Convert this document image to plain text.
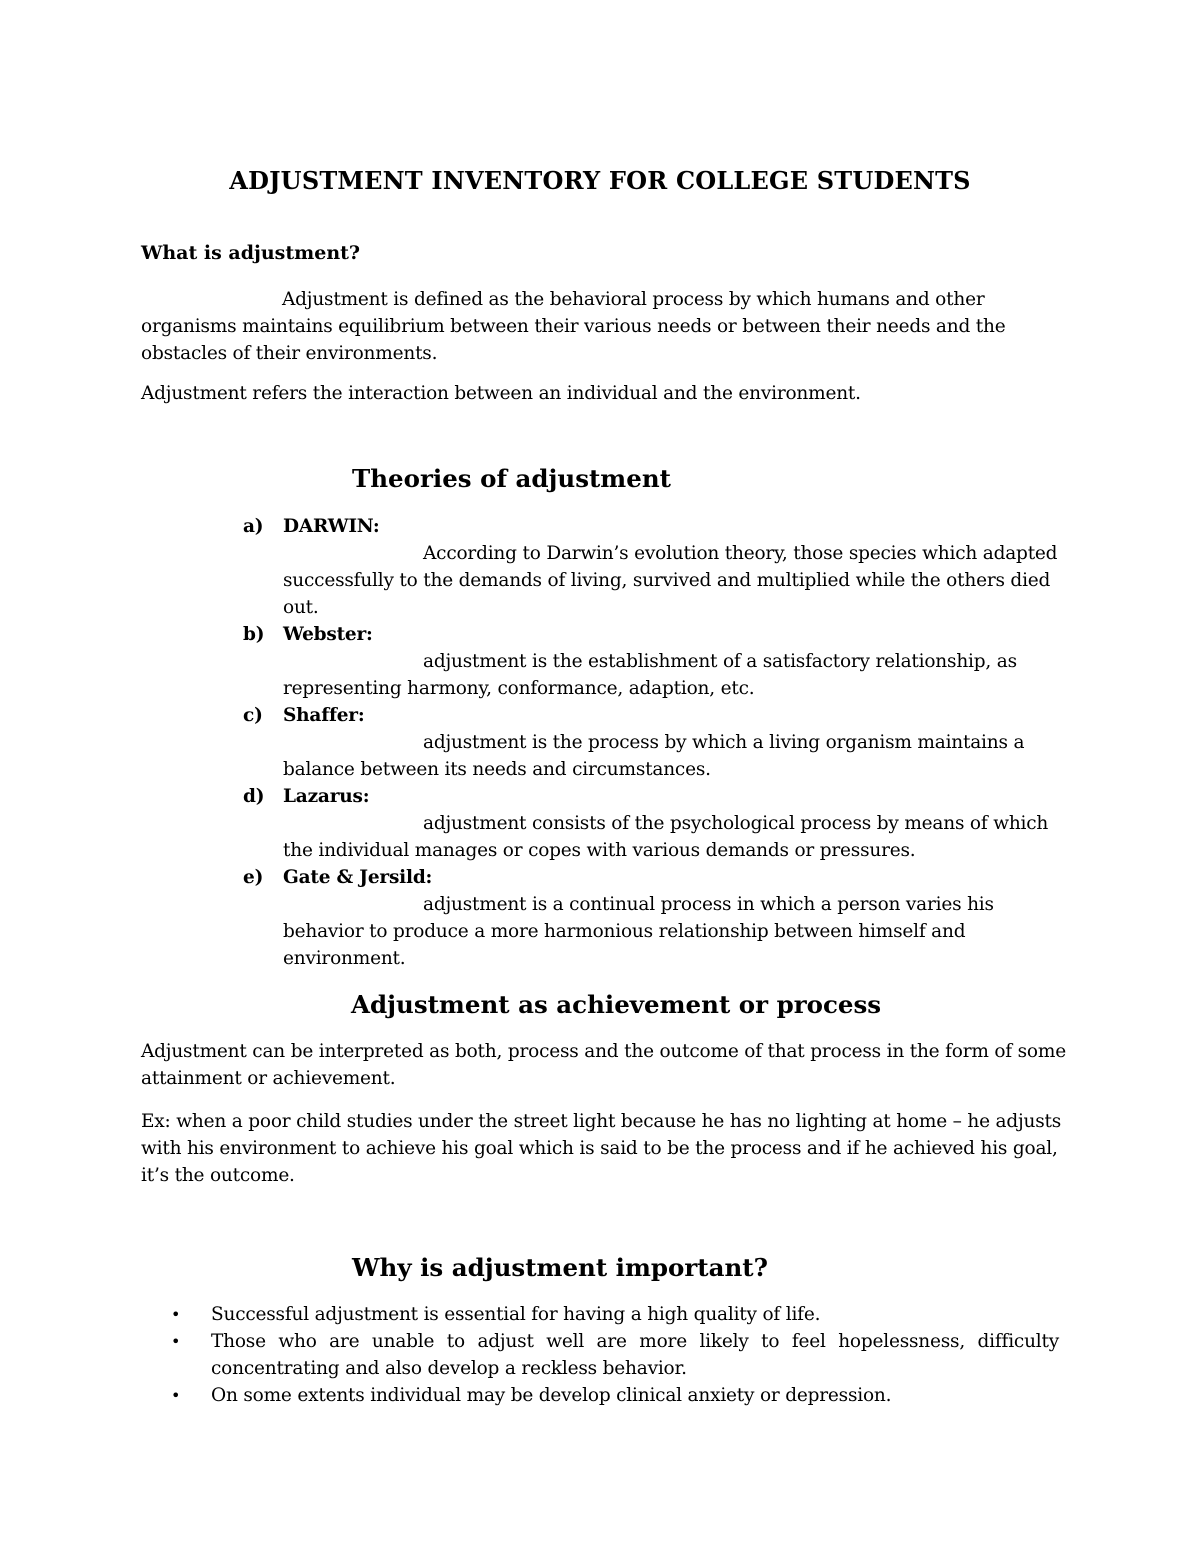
ADJUSTMENT INVENTORY FOR COLLEGE STUDENTS

What is adjustment?

Adjustment is defined as the behavioral process by which humans and other organisms maintains equilibrium between their various needs or between their needs and the obstacles of their environments.

Adjustment refers the interaction between an individual and the environment.

Theories of adjustment
a) DARWIN:
According to Darwin’s evolution theory, those species which adapted successfully to the demands of living, survived and multiplied while the others died out.
b) Webster:
adjustment is the establishment of a satisfactory relationship, as representing harmony, conformance, adaption, etc.
c) Shaffer:
adjustment is the process by which a living organism maintains a balance between its needs and circumstances.
d) Lazarus:
adjustment consists of the psychological process by means of which the individual manages or copes with various demands or pressures.
e) Gate & Jersild:
adjustment is a continual process in which a person varies his behavior to produce a more harmonious relationship between himself and environment.
Adjustment as achievement or process

Adjustment can be interpreted as both, process and the outcome of that process in the form of some attainment or achievement.

Ex: when a poor child studies under the street light because he has no lighting at home – he adjusts with his environment to achieve his goal which is said to be the process and if he achieved his goal, it’s the outcome.

Why is adjustment important?
• Successful adjustment is essential for having a high quality of life.
• Those who are unable to adjust well are more likely to feel hopelessness, difficulty concentrating and also develop a reckless behavior.
• On some extents individual may be develop clinical anxiety or depression.
